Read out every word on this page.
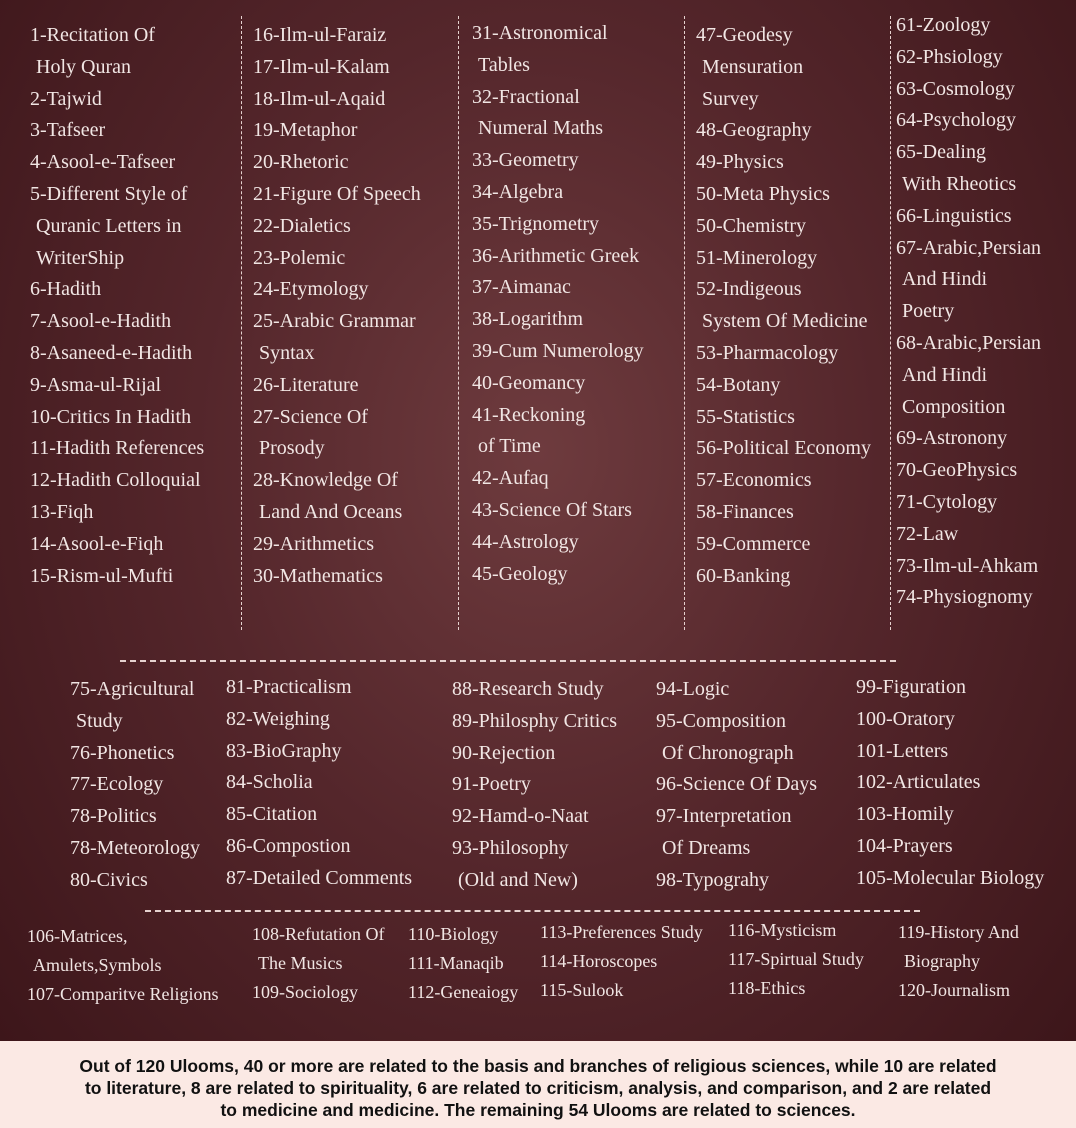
1-Recitation Of
Holy Quran
2-Tajwid
3-Tafseer
4-Asool-e-Tafseer
5-Different Style of
Quranic Letters in
WriterShip
6-Hadith
7-Asool-e-Hadith
8-Asaneed-e-Hadith
9-Asma-ul-Rijal
10-Critics In Hadith
11-Hadith References
12-Hadith Colloquial
13-Fiqh
14-Asool-e-Fiqh
15-Rism-ul-Mufti
16-Ilm-ul-Faraiz
17-Ilm-ul-Kalam
18-Ilm-ul-Aqaid
19-Metaphor
20-Rhetoric
21-Figure Of Speech
22-Dialetics
23-Polemic
24-Etymology
25-Arabic Grammar
Syntax
26-Literature
27-Science Of
Prosody
28-Knowledge Of
Land And Oceans
29-Arithmetics
30-Mathematics
31-Astronomical
Tables
32-Fractional
Numeral Maths
33-Geometry
34-Algebra
35-Trignometry
36-Arithmetic Greek
37-Aimanac
38-Logarithm
39-Cum Numerology
40-Geomancy
41-Reckoning
of Time
42-Aufaq
43-Science Of Stars
44-Astrology
45-Geology
47-Geodesy
Mensuration
Survey
48-Geography
49-Physics
50-Meta Physics
50-Chemistry
51-Minerology
52-Indigeous
System Of Medicine
53-Pharmacology
54-Botany
55-Statistics
56-Political Economy
57-Economics
58-Finances
59-Commerce
60-Banking
61-Zoology
62-Phsiology
63-Cosmology
64-Psychology
65-Dealing
With Rheotics
66-Linguistics
67-Arabic,Persian
And Hindi
Poetry
68-Arabic,Persian
And Hindi
Composition
69-Astronony
70-GeoPhysics
71-Cytology
72-Law
73-Ilm-ul-Ahkam
74-Physiognomy
75-Agricultural
Study
76-Phonetics
77-Ecology
78-Politics
78-Meteorology
80-Civics
81-Practicalism
82-Weighing
83-BioGraphy
84-Scholia
85-Citation
86-Compostion
87-Detailed Comments
88-Research Study
89-Philosphy Critics
90-Rejection
91-Poetry
92-Hamd-o-Naat
93-Philosophy
(Old and New)
94-Logic
95-Composition
Of Chronograph
96-Science Of Days
97-Interpretation
Of Dreams
98-Typograhy
99-Figuration
100-Oratory
101-Letters
102-Articulates
103-Homily
104-Prayers
105-Molecular Biology
106-Matrices,
Amulets,Symbols
107-Comparitve Religions
108-Refutation Of
The Musics
109-Sociology
110-Biology
111-Manaqib
112-Geneaiogy
113-Preferences Study
114-Horoscopes
115-Sulook
116-Mysticism
117-Spirtual Study
118-Ethics
119-History And
Biography
120-Journalism
Out of 120 Ulooms, 40 or more are related to the basis and branches of religious sciences, while 10 are related
to literature, 8 are related to spirituality, 6 are related to criticism, analysis, and comparison, and 2 are related
to medicine and medicine. The remaining 54 Ulooms are related to sciences.
